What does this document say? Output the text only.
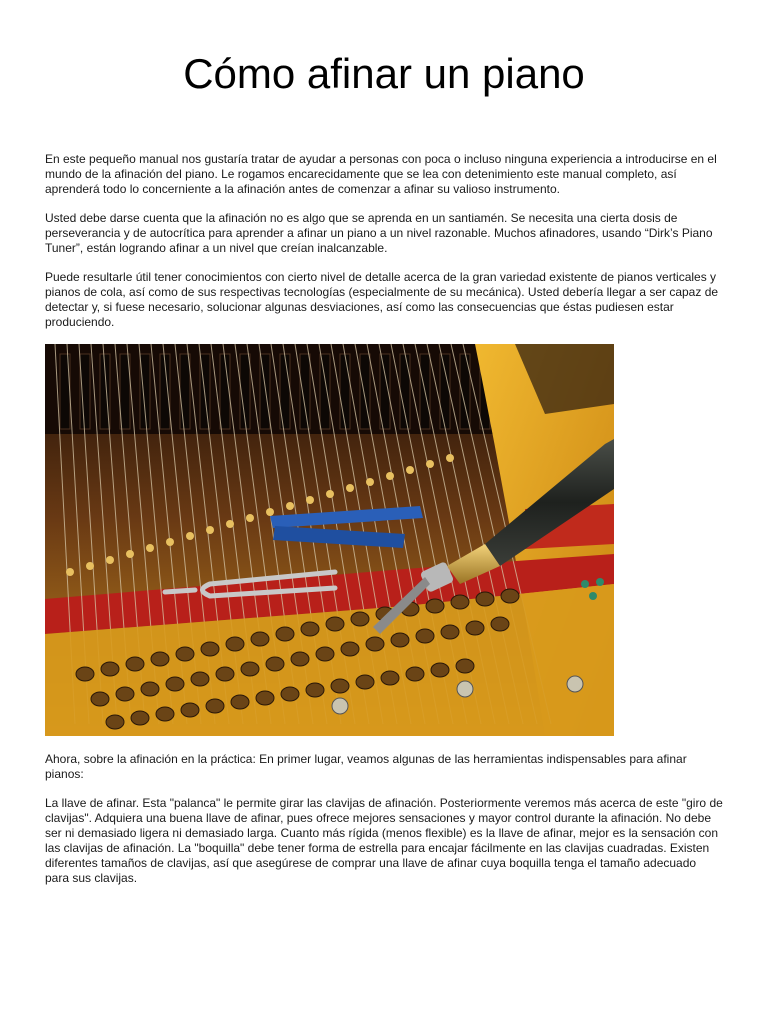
Cómo afinar un piano

En este pequeño manual nos gustaría tratar de ayudar a personas con poca o incluso ninguna experiencia a introducirse en el mundo de la afinación del piano. Le rogamos encarecidamente que se lea con detenimiento este manual completo, así aprenderá todo lo concerniente a la afinación antes de comenzar a afinar su valioso instrumento.

Usted debe darse cuenta que la afinación no es algo que se aprenda en un santiamén. Se necesita una cierta dosis de perseverancia y de autocrítica para aprender a afinar un piano a un nivel razonable. Muchos afinadores, usando “Dirk’s Piano Tuner”, están logrando afinar a un nivel que creían inalcanzable.

Puede resultarle útil tener conocimientos con cierto nivel de detalle acerca de la gran variedad existente de pianos verticales y pianos de cola, así como de sus respectivas tecnologías (especialmente de su mecánica). Usted debería llegar a ser capaz de detectar y, si fuese necesario, solucionar algunas desviaciones, así como las consecuencias que éstas pudiesen estar produciendo.

Ahora, sobre la afinación en la práctica: En primer lugar, veamos algunas de las herramientas indispensables para afinar pianos:

La llave de afinar. Esta "palanca" le permite girar las clavijas de afinación. Posteriormente veremos más acerca de este "giro de clavijas". Adquiera una buena llave de afinar, pues ofrece mejores sensaciones y mayor control durante la afinación. No debe ser ni demasiado ligera ni demasiado larga. Cuanto más rígida (menos flexible) es la llave de afinar, mejor es la sensación con las clavijas de afinación. La "boquilla" debe tener forma de estrella para encajar fácilmente en las clavijas cuadradas. Existen diferentes tamaños de clavijas, así que asegúrese de comprar una llave de afinar cuya boquilla tenga el tamaño adecuado para sus clavijas.
